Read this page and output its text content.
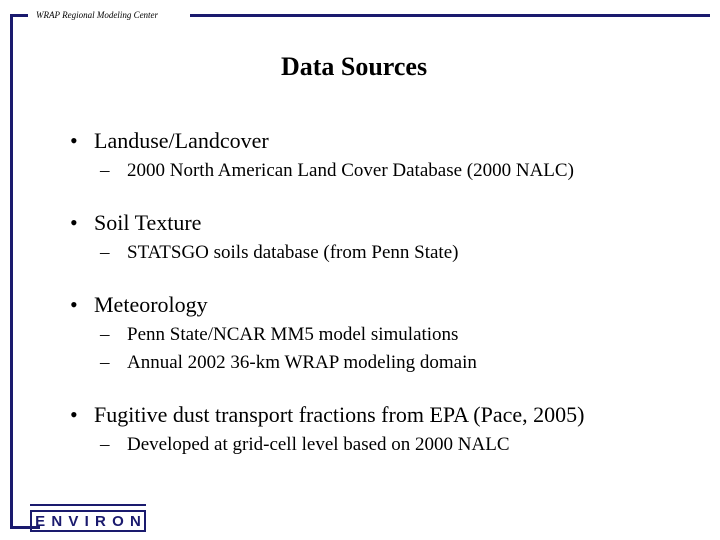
WRAP Regional Modeling Center
Data Sources
• Landuse/Landcover
– 2000 North American Land Cover Database (2000 NALC)
• Soil Texture
– STATSGO soils database (from Penn State)
• Meteorology
– Penn State/NCAR MM5 model simulations
– Annual 2002 36-km WRAP modeling domain
• Fugitive dust transport fractions from EPA (Pace, 2005)
– Developed at grid-cell level based on 2000 NALC
E N V I R O N
